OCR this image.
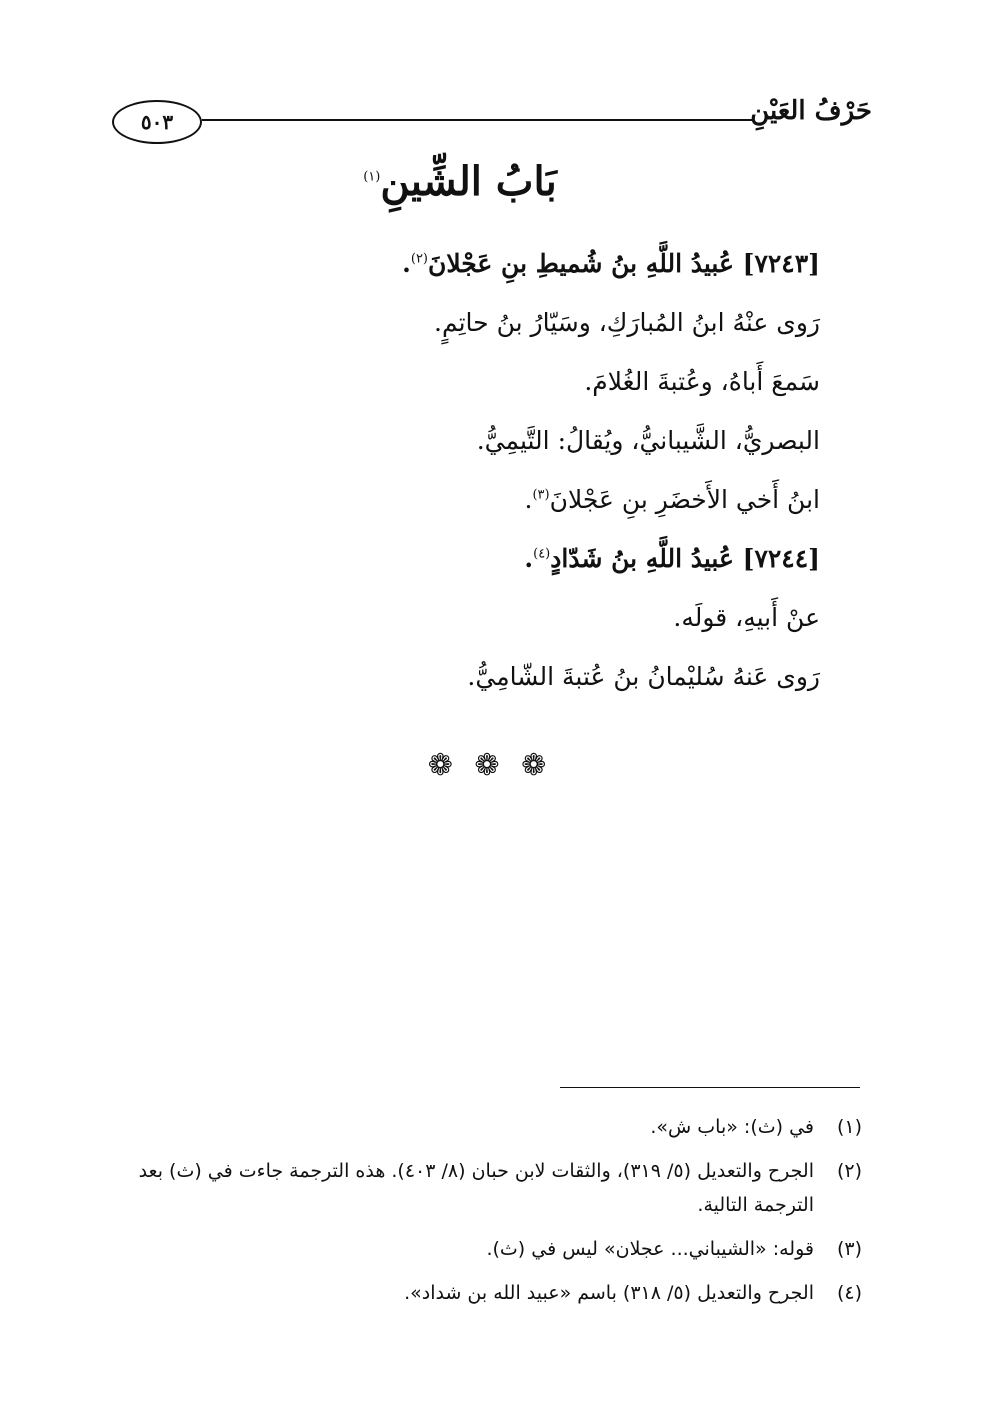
حَرْفُ العَيْنِ
٥٠٣
بَابُ الشِّينِ$^{(١)}$
[٧٢٤٣] عُبيدُ اللَّهِ بنُ شُميطِ بنِ عَجْلانَ$^{(٢)}$.
رَوى عنْهُ ابنُ المُبارَكِ، وسَيّارُ بنُ حاتِمٍ.
سَمعَ أَباهُ، وعُتبةَ الغُلامَ.
البصريُّ، الشَّيبانيُّ، ويُقالُ: التَّيمِيُّ.
ابنُ أَخي الأَخضَرِ بنِ عَجْلانَ$^{(٣)}$.
[٧٢٤٤] عُبيدُ اللَّهِ بنُ شَدّادٍ$^{(٤)}$.
عنْ أَبيهِ، قولَه.
رَوى عَنهُ سُليْمانُ بنُ عُتبةَ الشّامِيُّ.
❁ ❁ ❁
(١)
في (ث): «باب ش».
(٢)
الجرح والتعديل (٥/ ٣١٩)، والثقات لابن حبان (٨/ ٤٠٣). هذه الترجمة جاءت في (ث) بعد الترجمة التالية.
(٣)
قوله: «الشيباني... عجلان» ليس في (ث).
(٤)
الجرح والتعديل (٥/ ٣١٨) باسم «عبيد الله بن شداد».
